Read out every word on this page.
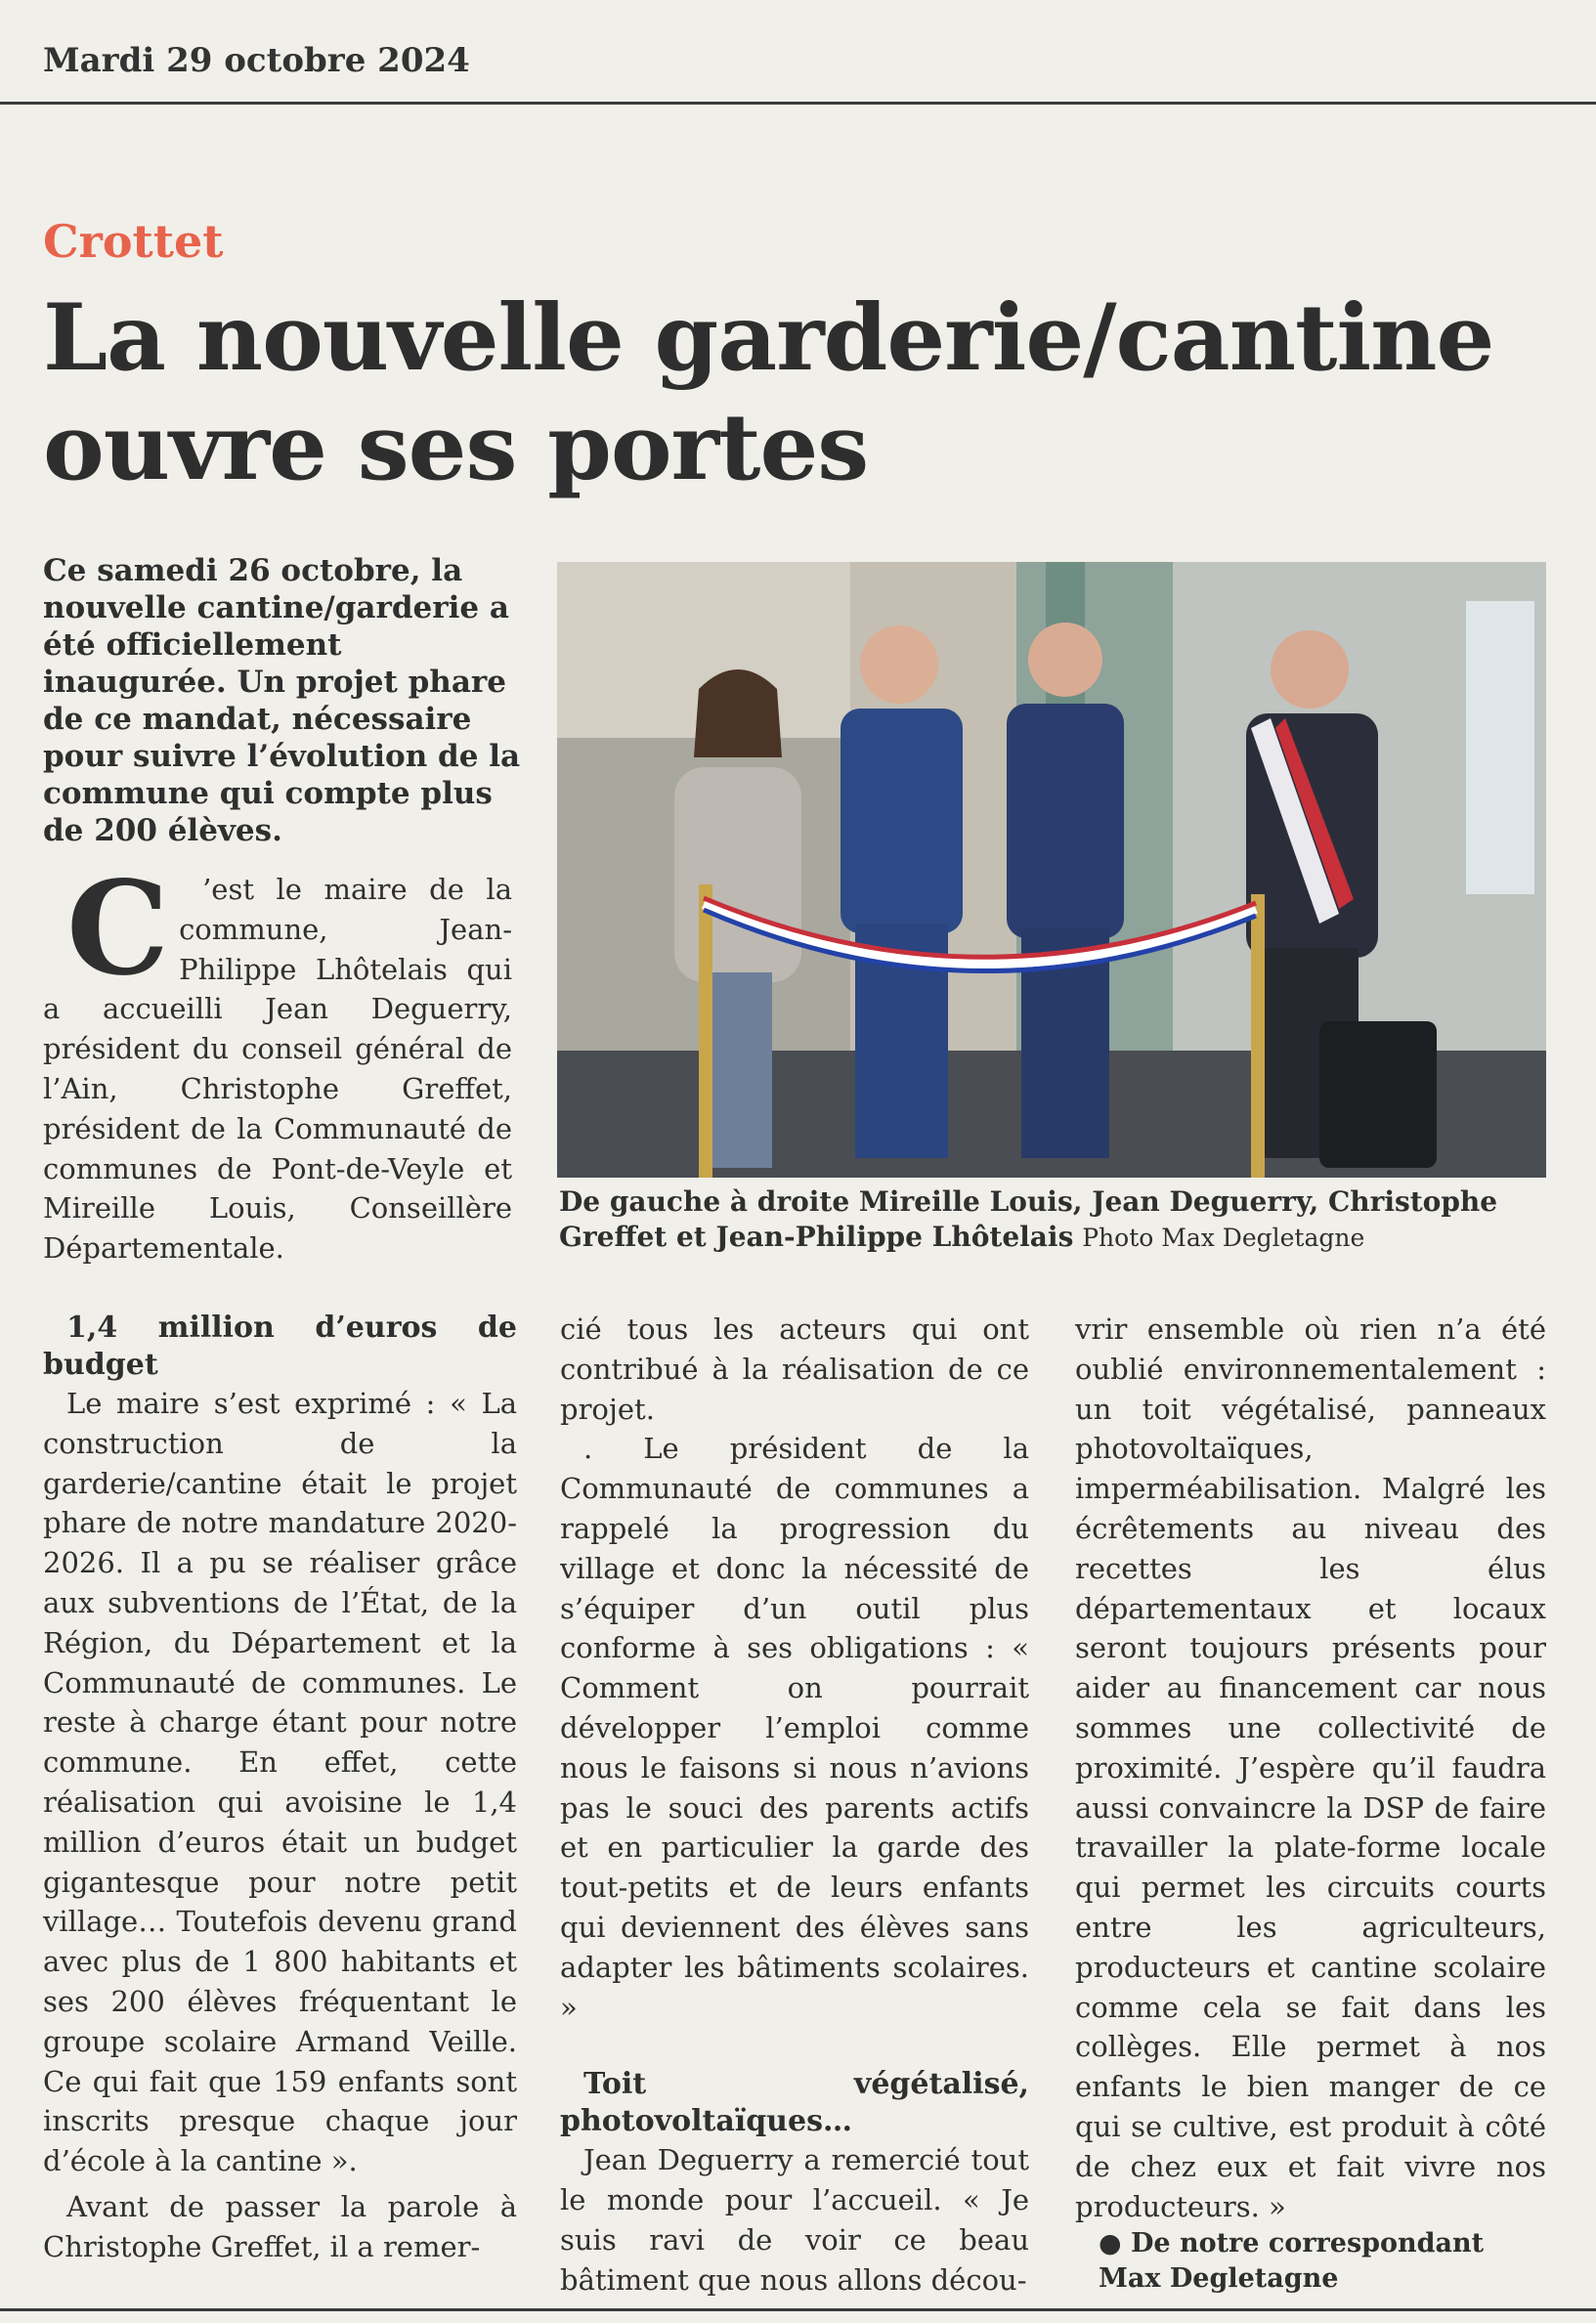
Mardi 29 octobre 2024
Crottet
La nouvelle garderie/cantine ouvre ses portes
Ce samedi 26 octobre, la nouvelle cantine/garderie a été officiellement inaugurée. Un projet phare de ce mandat, nécessaire pour suivre l’évolution de la commune qui compte plus de 200 élèves.
De gauche à droite Mireille Louis, Jean Deguerry, Christophe Greffet et Jean-Philippe Lhôtelais Photo Max Degletagne

C ’est le maire de la commune, Jean-Philippe Lhôtelais qui a accueilli Jean Deguerry, président du conseil général de l’Ain, Christophe Greffet, président de la Communauté de communes de Pont-de-Veyle et Mireille Louis, Conseillère Départementale.

1,4 million d’euros de budget

Le maire s’est exprimé : « La construction de la garderie/cantine était le projet phare de notre mandature 2020-2026. Il a pu se réaliser grâce aux subventions de l’État, de la Région, du Département et la Communauté de communes. Le reste à charge étant pour notre commune. En effet, cette réalisation qui avoisine le 1,4 million d’euros était un budget gigantesque pour notre petit village… Toutefois devenu grand avec plus de 1 800 habitants et ses 200 élèves fréquentant le groupe scolaire Armand Veille. Ce qui fait que 159 enfants sont inscrits presque chaque jour d’école à la cantine ».

Avant de passer la parole à Christophe Greffet, il a remer-

cié tous les acteurs qui ont contribué à la réalisation de ce projet.

. Le président de la Communauté de communes a rappelé la progression du village et donc la nécessité de s’équiper d’un outil plus conforme à ses obligations : « Comment on pourrait développer l’emploi comme nous le faisons si nous n’avions pas le souci des parents actifs et en particulier la garde des tout-petits et de leurs enfants qui deviennent des élèves sans adapter les bâtiments scolaires. »

Toit végétalisé, photovoltaïques…

Jean Deguerry a remercié tout le monde pour l’accueil. « Je suis ravi de voir ce beau bâtiment que nous allons décou-

vrir ensemble où rien n’a été oublié environnementalement : un toit végétalisé, panneaux photovoltaïques, imperméabilisation. Malgré les écrêtements au niveau des recettes les élus départementaux et locaux seront toujours présents pour aider au financement car nous sommes une collectivité de proximité. J’espère qu’il faudra aussi convaincre la DSP de faire travailler la plate-forme locale qui permet les circuits courts entre les agriculteurs, producteurs et cantine scolaire comme cela se fait dans les collèges. Elle permet à nos enfants le bien manger de ce qui se cultive, est produit à côté de chez eux et fait vivre nos producteurs. »

● De notre correspondant

Max Degletagne
